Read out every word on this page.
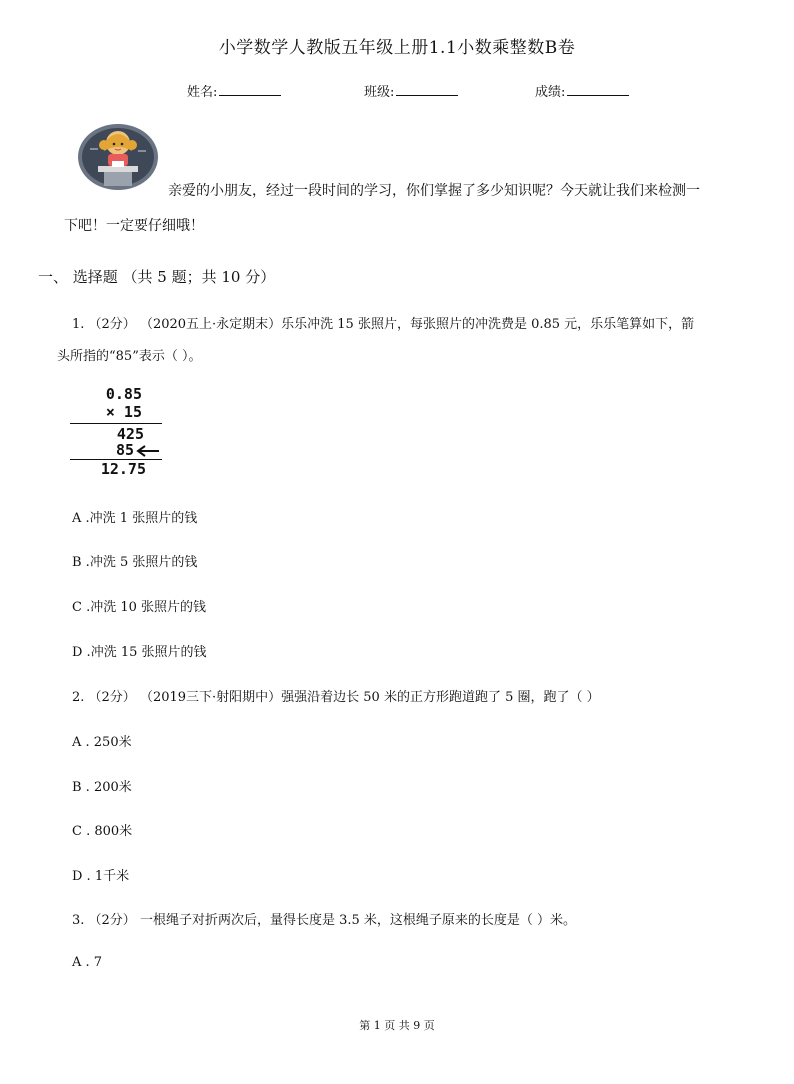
小学数学人教版五年级上册1.1小数乘整数B卷
姓名:	班级:	成绩:
亲爱的小朋友，经过一段时间的学习，你们掌握了多少知识呢？今天就让我们来检测一
下吧！一定要仔细哦！
一、 选择题 （共 5 题；共 10 分）
1. （2分） （2020五上·永定期末）乐乐冲洗 15 张照片，每张照片的冲洗费是 0.85 元，乐乐笔算如下，箭
头所指的“85”表示（ ）。
0.85
× 15
425
85
12.75
A .冲洗 1 张照片的钱
B .冲洗 5 张照片的钱
C .冲洗 10 张照片的钱
D .冲洗 15 张照片的钱
2. （2分） （2019三下·射阳期中）强强沿着边长 50 米的正方形跑道跑了 5 圈，跑了（ ）
A . 250米
B . 200米
C . 800米
D . 1千米
3. （2分） 一根绳子对折两次后，量得长度是 3.5 米，这根绳子原来的长度是（ ）米。
A . 7
第 1 页 共 9 页
